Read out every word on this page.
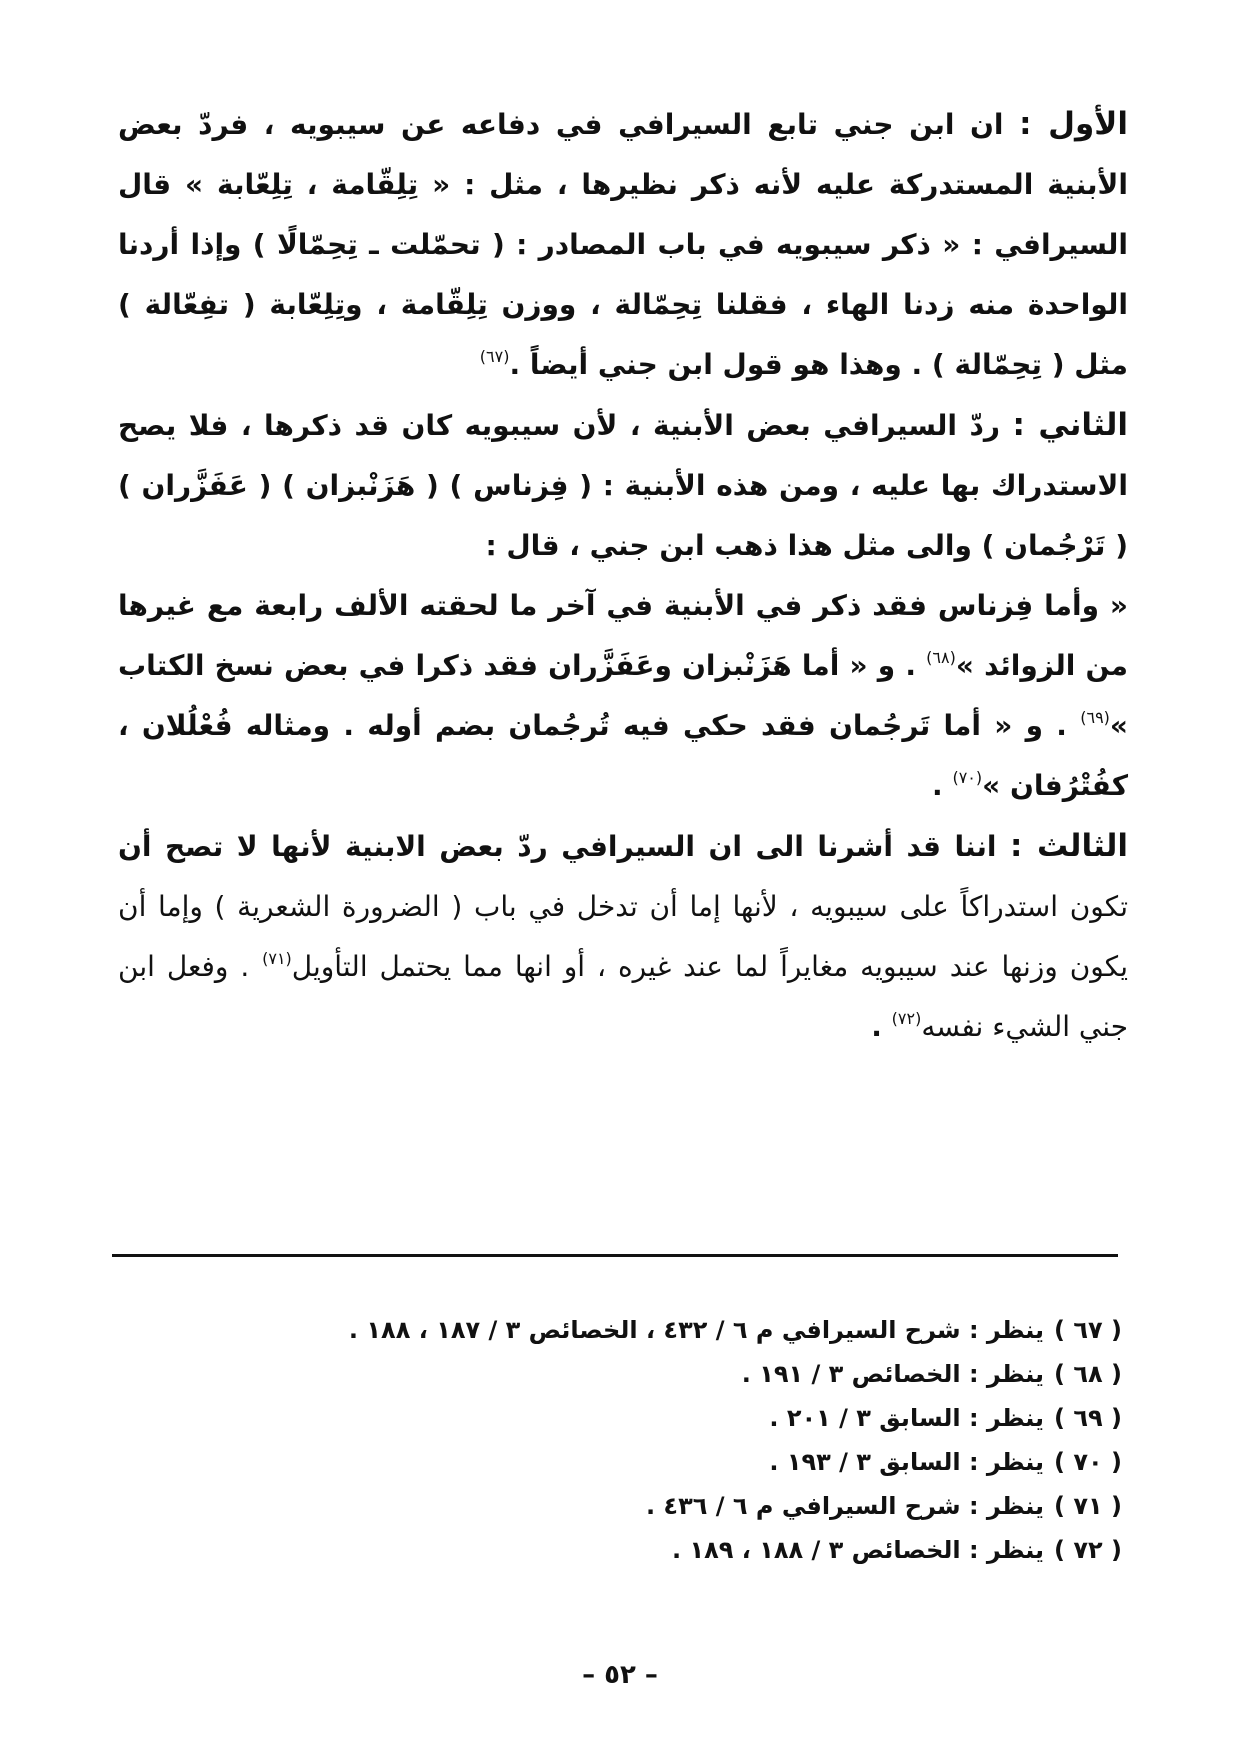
الأول : ان ابن جني تابع السيرافي في دفاعه عن سيبويه ، فردّ بعض الأبنية المستدركة عليه لأنه ذكر نظيرها ، مثل : « تِلِقّامة ، تِلِعّابة » قال السيرافي : « ذكر سيبويه في باب المصادر : ( تحمّلت ـ تِحِمّالًا ) وإذا أردنا الواحدة منه زدنا الهاء ، فقلنا تِحِمّالة ، ووزن تِلِقّامة ، وتِلِعّابة ( تفِعّالة ) مثل ( تِحِمّالة ) . وهذا هو قول ابن جني أيضاً .$^{(٦٧)}$

الثاني : ردّ السيرافي بعض الأبنية ، لأن سيبويه كان قد ذكرها ، فلا يصح الاستدراك بها عليه ، ومن هذه الأبنية : ( فِزناس ) ( هَزَنْبزان ) ( عَفَزَّران ) ( تَرْجُمان ) والى مثل هذا ذهب ابن جني ، قال :

« وأما فِزناس فقد ذكر في الأبنية في آخر ما لحقته الألف رابعة مع غيرها من الزوائد »$^{(٦٨)}$ . و « أما هَزَنْبزان وعَفَزَّران فقد ذكرا في بعض نسخ الكتاب »$^{(٦٩)}$ . و « أما تَرجُمان فقد حكي فيه تُرجُمان بضم أوله . ومثاله فُعْلُلان ، كفُتْرُفان »$^{(٧٠)}$ .

الثالث : اننا قد أشرنا الى ان السيرافي ردّ بعض الابنية لأنها لا تصح أن تكون استدراكاً على سيبويه ، لأنها إما أن تدخل في باب ( الضرورة الشعرية ) وإما أن يكون وزنها عند سيبويه مغايراً لما عند غيره ، أو انها مما يحتمل التأويل$^{(٧١)}$ . وفعل ابن جني الشيء نفسه$^{(٧٢)}$ .

( ٦٧ )ينظر : شرح السيرافي م ٦ / ٤٣٢ ، الخصائص ٣ / ١٨٧ ، ١٨٨ .

( ٦٨ )ينظر : الخصائص ٣ / ١٩١ .

( ٦٩ )ينظر : السابق ٣ / ٢٠١ .

( ٧٠ )ينظر : السابق ٣ / ١٩٣ .

( ٧١ )ينظر : شرح السيرافي م ٦ / ٤٣٦ .

( ٧٢ )ينظر : الخصائص ٣ / ١٨٨ ، ١٨٩ .

– ٥٢ –
